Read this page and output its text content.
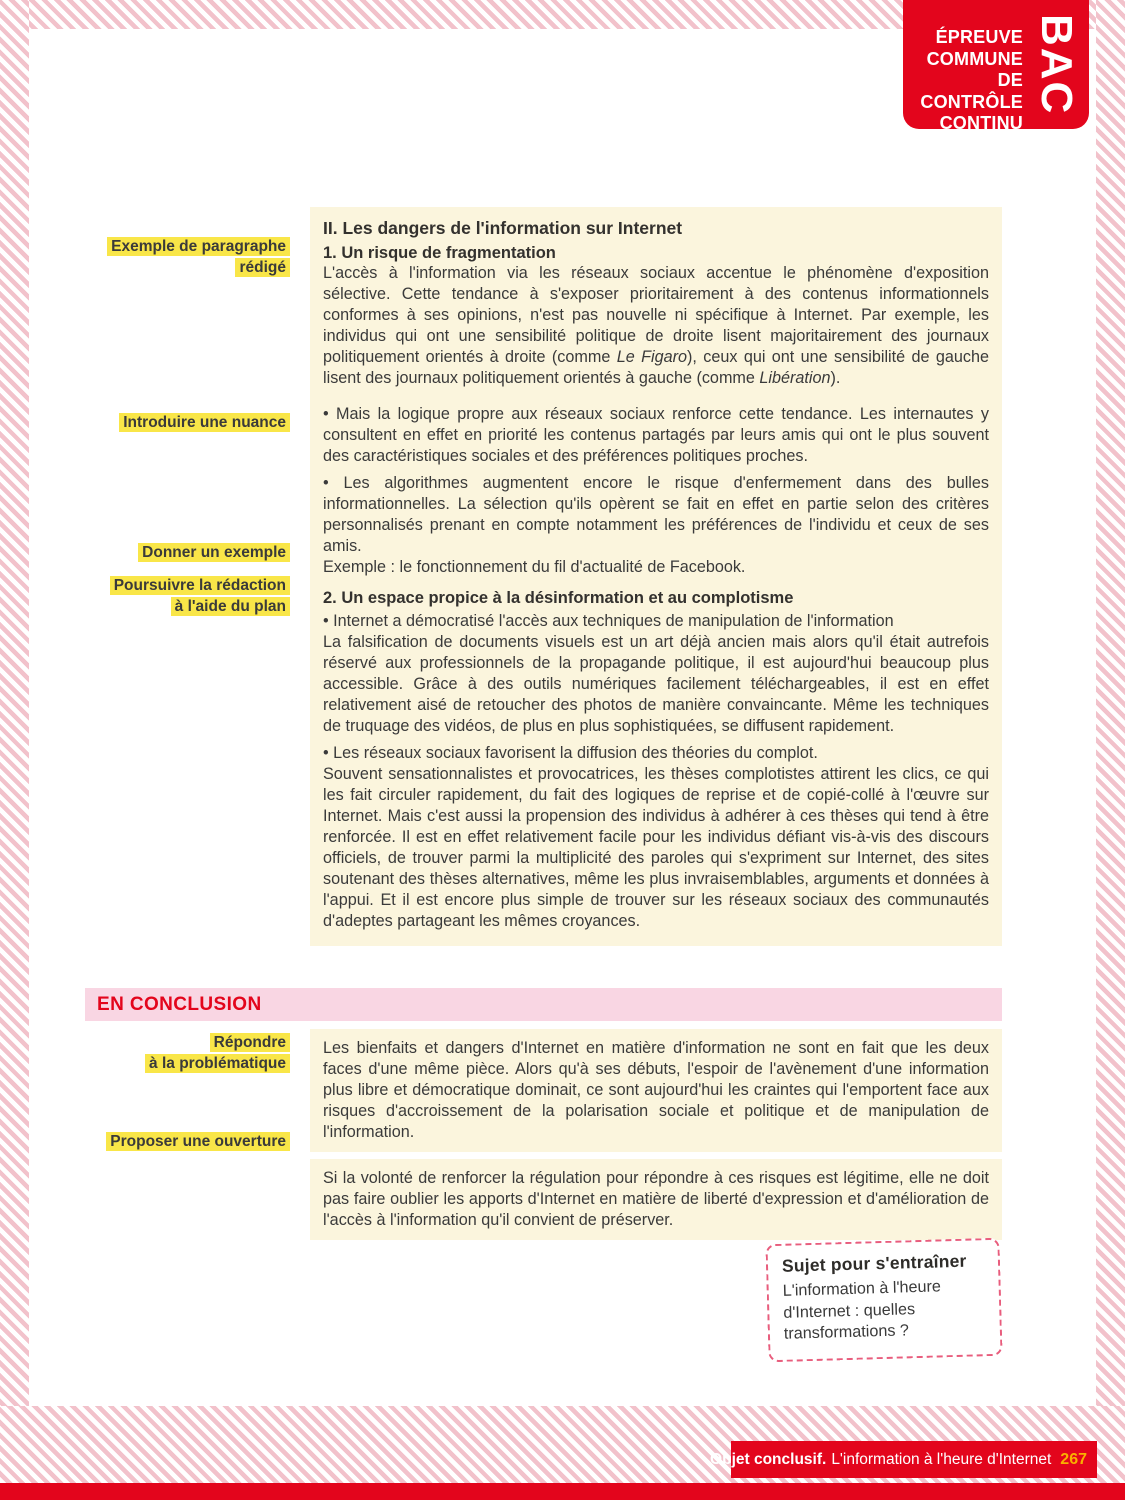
ÉPREUVE
COMMUNE
DE CONTRÔLE
CONTINU
BAC
Exemple de paragraphe
rédigé
Introduire une nuance
Donner un exemple
Poursuivre la rédaction
à l'aide du plan
Répondre
à la problématique
Proposer une ouverture
II. Les dangers de l'information sur Internet
1. Un risque de fragmentation

L'accès à l'information via les réseaux sociaux accentue le phénomène d'exposition sélective. Cette tendance à s'exposer prioritairement à des contenus informationnels conformes à ses opinions, n'est pas nouvelle ni spécifique à Internet. Par exemple, les individus qui ont une sensibilité politique de droite lisent majoritairement des journaux politiquement orientés à droite (comme Le Figaro), ceux qui ont une sensibilité de gauche lisent des journaux politiquement orientés à gauche (comme Libération).

• Mais la logique propre aux réseaux sociaux renforce cette tendance. Les internautes y consultent en effet en priorité les contenus partagés par leurs amis qui ont le plus souvent des caractéristiques sociales et des préférences politiques proches.

• Les algorithmes augmentent encore le risque d'enfermement dans des bulles informationnelles. La sélection qu'ils opèrent se fait en effet en partie selon des critères personnalisés prenant en compte notamment les préférences de l'individu et ceux de ses amis.

Exemple : le fonctionnement du fil d'actualité de Facebook.

2. Un espace propice à la désinformation et au complotisme

• Internet a démocratisé l'accès aux techniques de manipulation de l'information

La falsification de documents visuels est un art déjà ancien mais alors qu'il était autrefois réservé aux professionnels de la propagande politique, il est aujourd'hui beaucoup plus accessible. Grâce à des outils numériques facilement téléchargeables, il est en effet relativement aisé de retoucher des photos de manière convaincante. Même les techniques de truquage des vidéos, de plus en plus sophistiquées, se diffusent rapidement.

• Les réseaux sociaux favorisent la diffusion des théories du complot.

Souvent sensationnalistes et provocatrices, les thèses complotistes attirent les clics, ce qui les fait circuler rapidement, du fait des logiques de reprise et de copié-collé à l'œuvre sur Internet. Mais c'est aussi la propension des individus à adhérer à ces thèses qui tend à être renforcée. Il est en effet relativement facile pour les individus défiant vis-à-vis des discours officiels, de trouver parmi la multiplicité des paroles qui s'expriment sur Internet, des sites soutenant des thèses alternatives, même les plus invraisemblables, arguments et données à l'appui. Et il est encore plus simple de trouver sur les réseaux sociaux des communautés d'adeptes partageant les mêmes croyances.

EN CONCLUSION

Les bienfaits et dangers d'Internet en matière d'information ne sont en fait que les deux faces d'une même pièce. Alors qu'à ses débuts, l'espoir de l'avènement d'une information plus libre et démocratique dominait, ce sont aujourd'hui les craintes qui l'emportent face aux risques d'accroissement de la polarisation sociale et politique et de manipulation de l'information.

Si la volonté de renforcer la régulation pour répondre à ces risques est légitime, elle ne doit pas faire oublier les apports d'Internet en matière de liberté d'expression et d'amélioration de l'accès à l'information qu'il convient de préserver.

Sujet pour s'entraîner
L'information à l'heure d'Internet : quelles transformations ?
Objet conclusif. L'information à l'heure d'Internet 267
